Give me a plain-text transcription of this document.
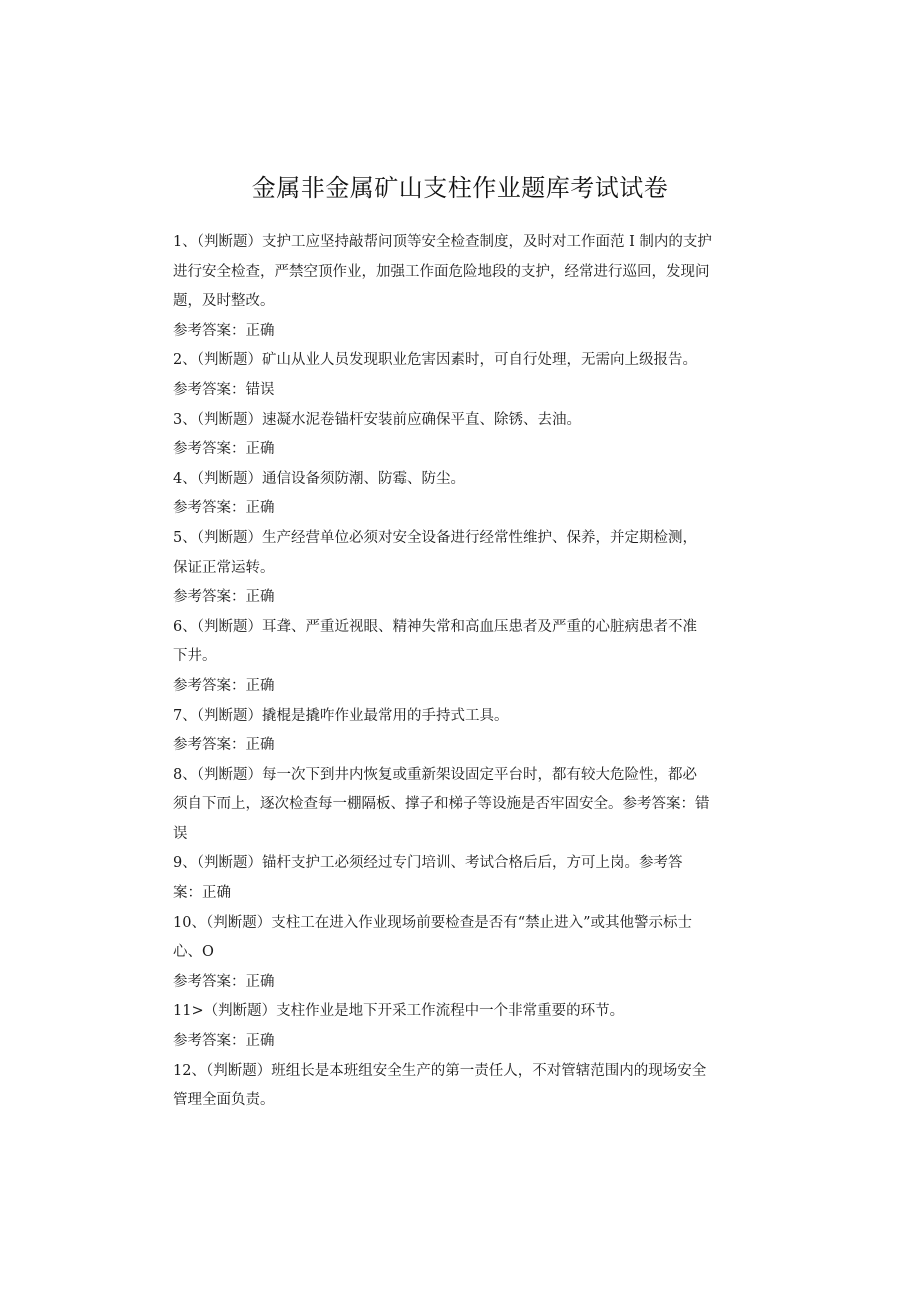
金属非金属矿山支柱作业题库考试试卷
1、（判断题）支护工应坚持敲帮问顶等安全检查制度，及时对工作面范 I 制内的支护
进行安全检查，严禁空顶作业，加强工作面危险地段的支护，经常进行巡回，发现问
题，及时整改。
参考答案：正确
2、（判断题）矿山从业人员发现职业危害因素时，可自行处理，无需向上级报告。
参考答案：错误
3、（判断题）速凝水泥卷锚杆安装前应确保平直、除锈、去油。
参考答案：正确
4、（判断题）通信设备须防潮、防霉、防尘。
参考答案：正确
5、（判断题）生产经营单位必须对安全设备进行经常性维护、保养，并定期检测，
保证正常运转。
参考答案：正确
6、（判断题）耳聋、严重近视眼、精神失常和高血压患者及严重的心脏病患者不准
下井。
参考答案：正确
7、（判断题）撬棍是撬咋作业最常用的手持式工具。
参考答案：正确
8、（判断题）每一次下到井内恢复或重新架设固定平台时，都有较大危险性，都必
须自下而上，逐次检查每一棚隔板、撑子和梯子等设施是否牢固安全。参考答案：错
误
9、（判断题）锚杆支护工必须经过专门培训、考试合格后后，方可上岗。参考答
案：正确
10、（判断题）支柱工在进入作业现场前要检查是否有“禁止进入”或其他警示标士
心、O
参考答案：正确
11>（判断题）支柱作业是地下开采工作流程中一个非常重要的环节。
参考答案：正确
12、（判断题）班组长是本班组安全生产的第一责任人，不对管辖范围内的现场安全
管理全面负责。
